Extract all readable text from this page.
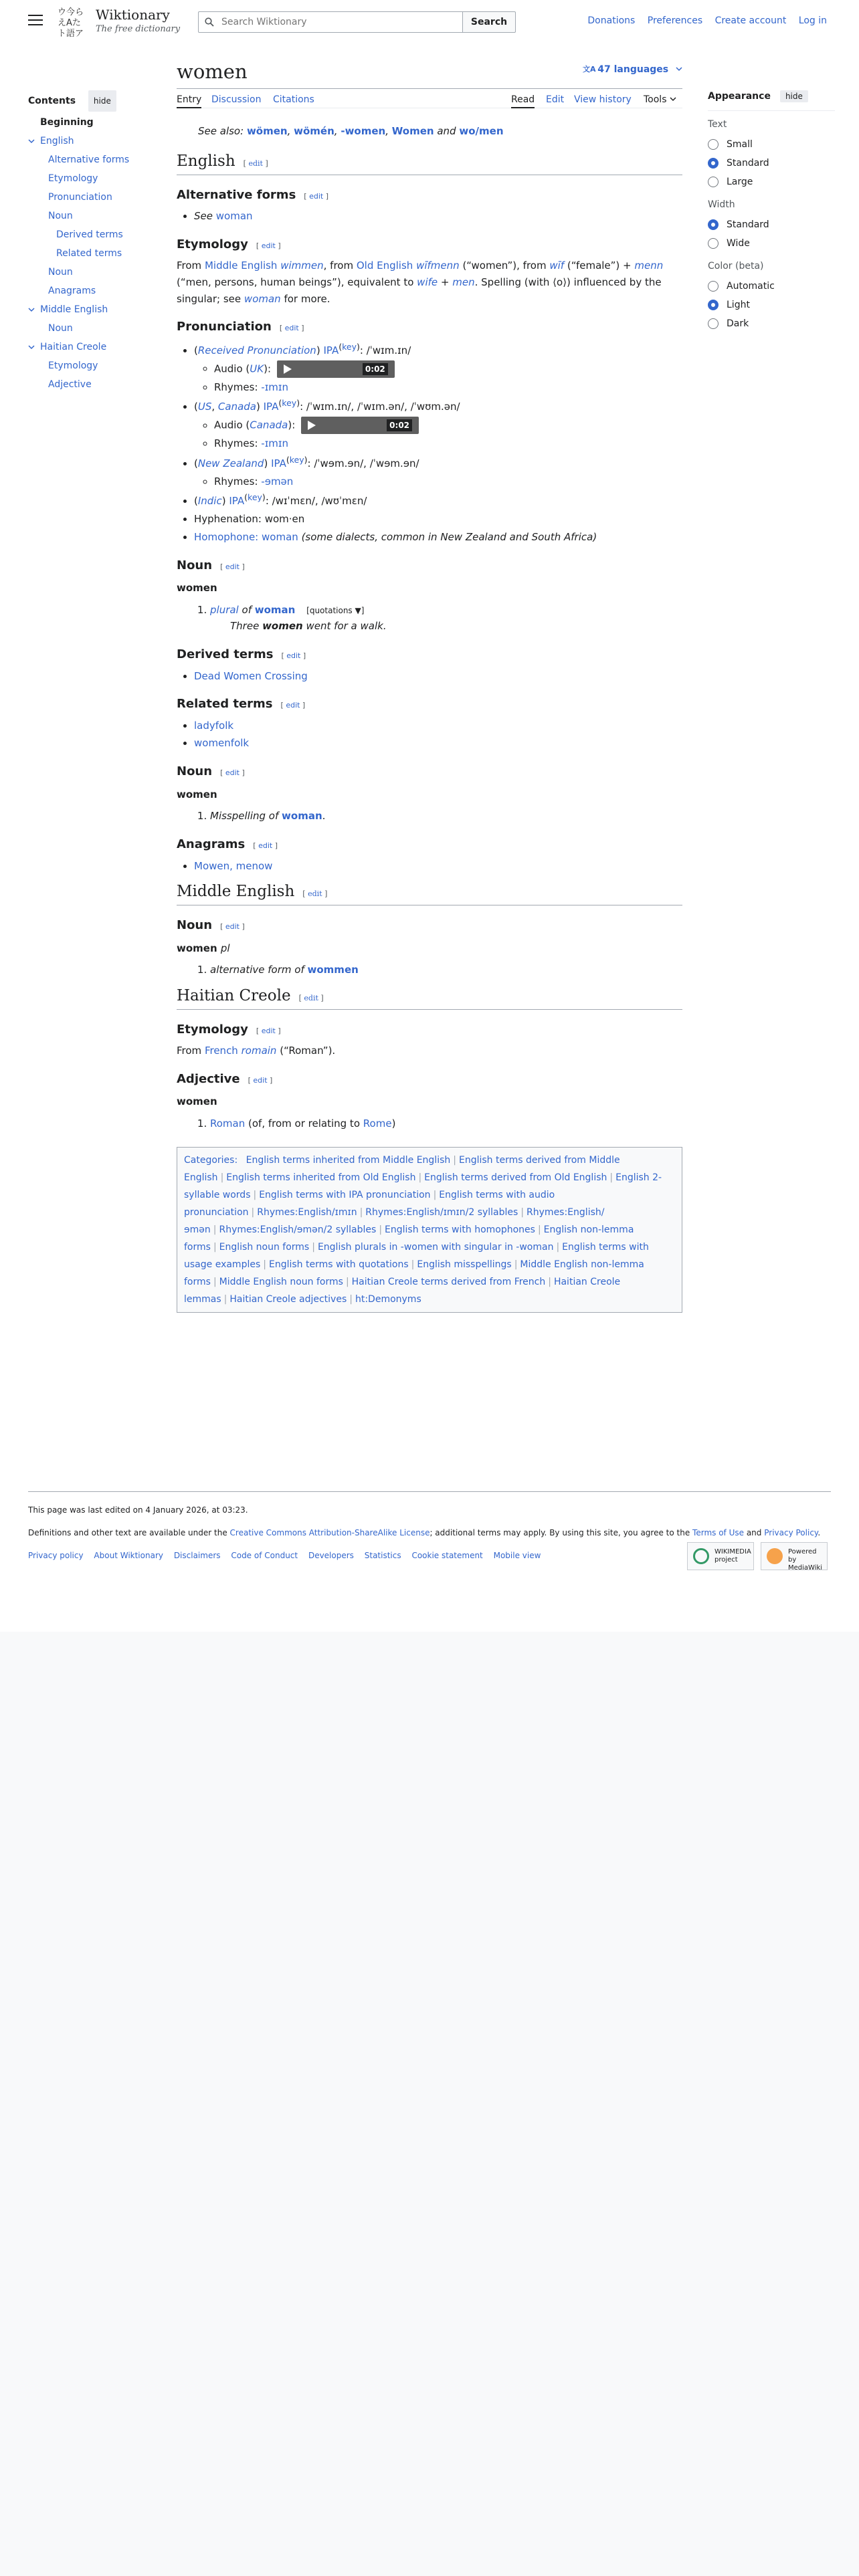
ウ今ら
えAた
ト語ア
Wiktionary
The free dictionary
Search Wiktionary
Search	Donations Preferences Create account Log in
Contents hide
Beginning
English
Alternative forms
Etymology
Pronunciation
Noun
Derived terms
Related terms
Noun
Anagrams
Middle English
Noun
Haitian Creole
Etymology
Adjective
women	文A 47 languages
Entry Discussion Citations	Read Edit View history Tools

See also: wömen, wömén, -women, Women and wo/men

English [ edit ]
Alternative forms [ edit ]
• See woman
Etymology [ edit ]

From Middle English wimmen, from Old English wīfmenn (“women”), from wīf (“female”) + menn (“men, persons, human beings”), equivalent to wife + men. Spelling (with ⟨o⟩) influenced by the singular; see woman for more.

Pronunciation [ edit ]
• (Received Pronunciation) $IPA^{(key)}$: /ˈwɪm.ɪn/
◦ Audio (UK):	0:02
◦ Rhymes: -ɪmɪn
• (US, Canada) $IPA^{(key)}$: /ˈwɪm.ɪn/, /ˈwɪm.ən/, /ˈwʊm.ən/
◦ Audio (Canada):	0:02
◦ Rhymes: -ɪmɪn
• (New Zealand) $IPA^{(key)}$: /ˈwɘm.ɘn/, /ˈwɘm.ɘn/
◦ Rhymes: -ɘmən
• (Indic) $IPA^{(key)}$: /wɪˈmɛn/, /wʊˈmɛn/
• Hyphenation: wom‧en
• Homophone: woman (some dialects, common in New Zealand and South Africa)
Noun [ edit ]
women
1. plural of woman [quotations ▼]
Three women went for a walk.
Derived terms [ edit ]
• Dead Women Crossing
Related terms [ edit ]
• ladyfolk
• womenfolk
Noun [ edit ]
women
1. Misspelling of woman.
Anagrams [ edit ]
• Mowen, menow
Middle English [ edit ]
Noun [ edit ]
women pl
1. alternative form of wommen
Haitian Creole [ edit ]
Etymology [ edit ]

From French romain (“Roman”).

Adjective [ edit ]
women
1. Roman (of, from or relating to Rome)
Categories: English terms inherited from Middle English | English terms derived from Middle English | English terms inherited from Old English | English terms derived from Old English | English 2-syllable words | English terms with IPA pronunciation | English terms with audio pronunciation | Rhymes:English/ɪmɪn | Rhymes:English/ɪmɪn/2 syllables | Rhymes:English/ɘmən | Rhymes:English/ɘmən/2 syllables | English terms with homophones | English non-lemma forms | English noun forms | English plurals in -women with singular in -woman | English terms with usage examples | English terms with quotations | English misspellings | Middle English non-lemma forms | Middle English noun forms | Haitian Creole terms derived from French | Haitian Creole lemmas | Haitian Creole adjectives | ht:Demonyms
Appearance hide
Text
Small
Standard
Large
Width
Standard
Wide
Color (beta)
Automatic
Light
Dark

This page was last edited on 4 January 2026, at 03:23.

Definitions and other text are available under the Creative Commons Attribution-ShareAlike License; additional terms may apply. By using this site, you agree to the Terms of Use and Privacy Policy.

Privacy policy About Wiktionary Disclaimers Code of Conduct Developers Statistics Cookie statement Mobile view	WIKIMEDIA project
Powered by MediaWiki
